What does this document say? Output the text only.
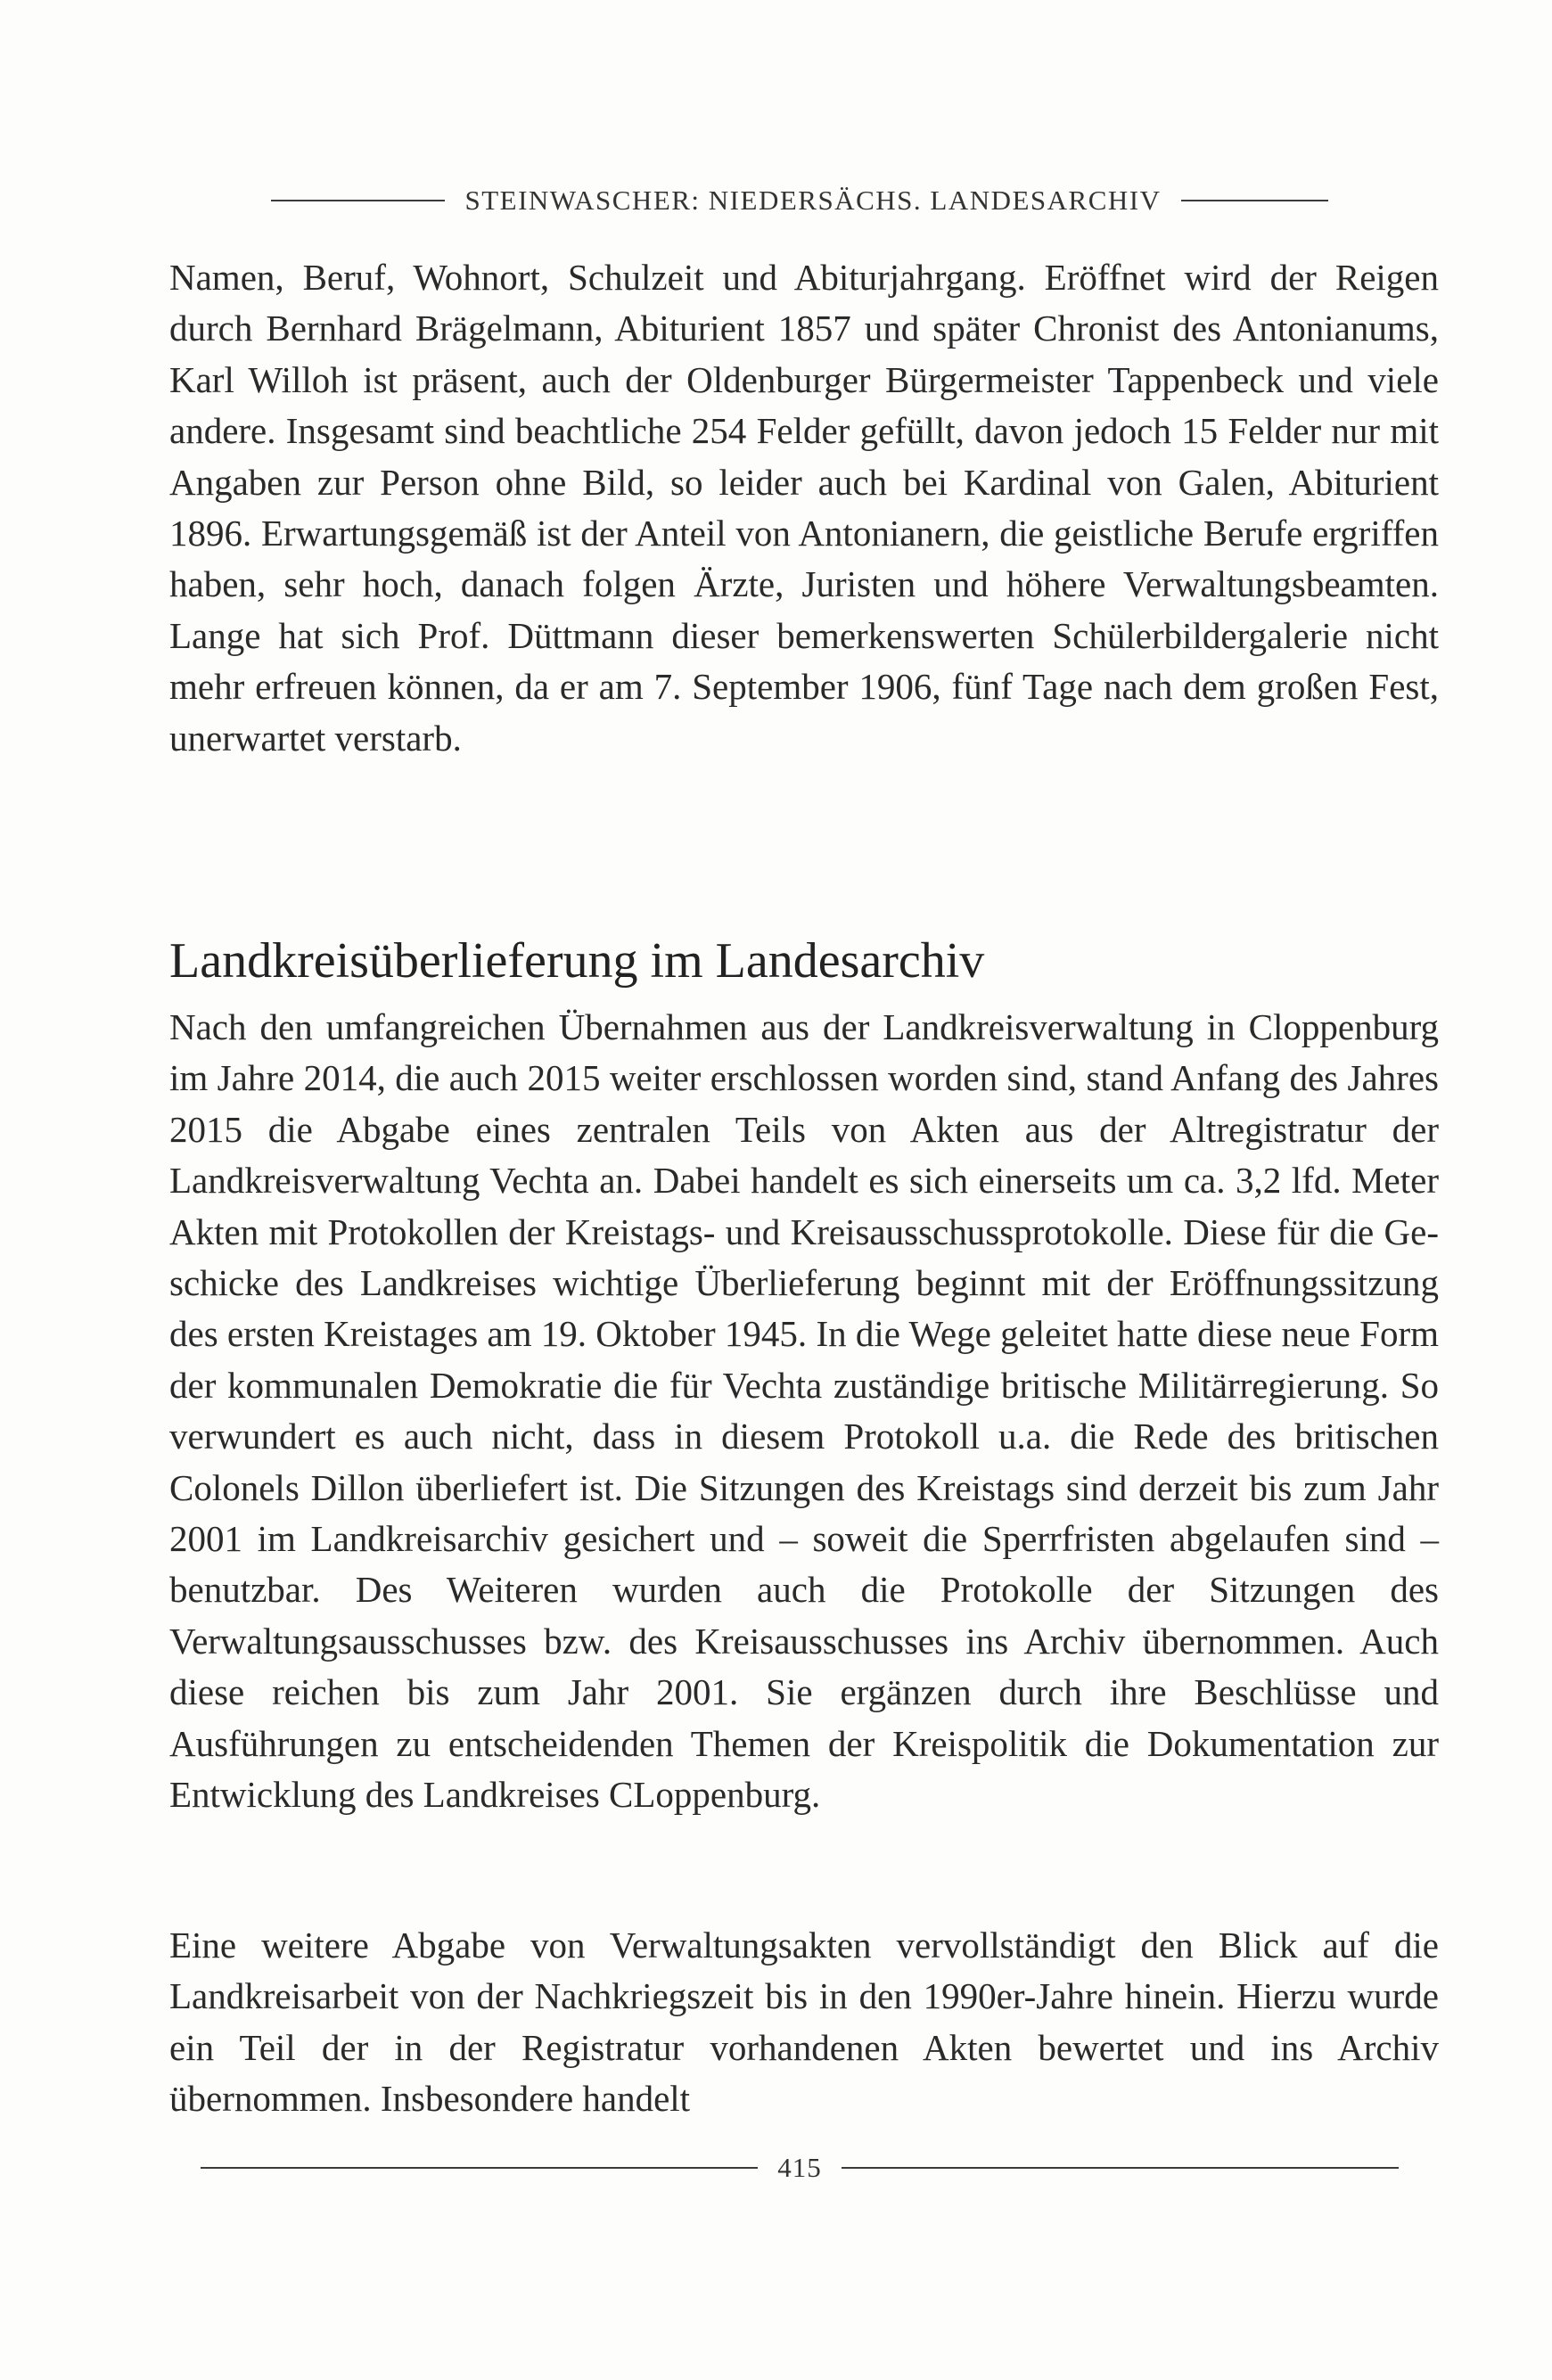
STEINWASCHER: NIEDERSÄCHS. LANDESARCHIV

Namen, Beruf, Wohnort, Schulzeit und Abiturjahrgang. Eröffnet wird der Reigen durch Bernhard Brägelmann, Abiturient 1857 und später Chronist des Antonianums, Karl Willoh ist präsent, auch der Oldenburger Bürgermeister Tappenbeck und viele andere. Insgesamt sind beachtliche 254 Felder gefüllt, davon jedoch 15 Felder nur mit Angaben zur Person ohne Bild, so leider auch bei Kardinal von Galen, Abiturient 1896. Erwartungsgemäß ist der Anteil von Antonianern, die geistliche Berufe ergriffen haben, sehr hoch, danach folgen Ärzte, Juristen und höhere Verwaltungsbeamten. Lange hat sich Prof. Düttmann dieser bemerkenswerten Schülerbildergalerie nicht mehr erfreuen können, da er am 7. September 1906, fünf Tage nach dem großen Fest, unerwartet verstarb.

Landkreisüberlieferung im Landesarchiv

Nach den umfangreichen Übernahmen aus der Landkreisverwaltung in Cloppenburg im Jahre 2014, die auch 2015 weiter erschlossen worden sind, stand Anfang des Jahres 2015 die Abgabe eines zentralen Teils von Akten aus der Altregistratur der Landkreisverwaltung Vechta an. Dabei handelt es sich einerseits um ca. 3,2 lfd. Meter Akten mit Protokollen der Kreistags- und Kreisausschussprotokolle. Diese für die Geschicke des Landkreises wichtige Überlieferung beginnt mit der Eröffnungssitzung des ersten Kreistages am 19. Oktober 1945. In die Wege geleitet hatte diese neue Form der kommunalen Demokratie die für Vechta zuständige britische Militärregierung. So verwundert es auch nicht, dass in diesem Protokoll u.a. die Rede des britischen Colonels Dillon überliefert ist. Die Sitzungen des Kreistags sind derzeit bis zum Jahr 2001 im Landkreisarchiv gesichert und – soweit die Sperrfristen abgelaufen sind – benutzbar. Des Weiteren wurden auch die Protokolle der Sitzungen des Verwaltungsausschusses bzw. des Kreisausschusses ins Archiv übernommen. Auch diese reichen bis zum Jahr 2001. Sie ergänzen durch ihre Beschlüsse und Ausführungen zu entscheidenden Themen der Kreispolitik die Dokumentation zur Entwicklung des Landkreises CLoppenburg.

Eine weitere Abgabe von Verwaltungsakten vervollständigt den Blick auf die Landkreisarbeit von der Nachkriegszeit bis in den 1990er-Jahre hinein. Hierzu wurde ein Teil der in der Registratur vorhandenen Akten bewertet und ins Archiv übernommen. Insbesondere handelt

415
